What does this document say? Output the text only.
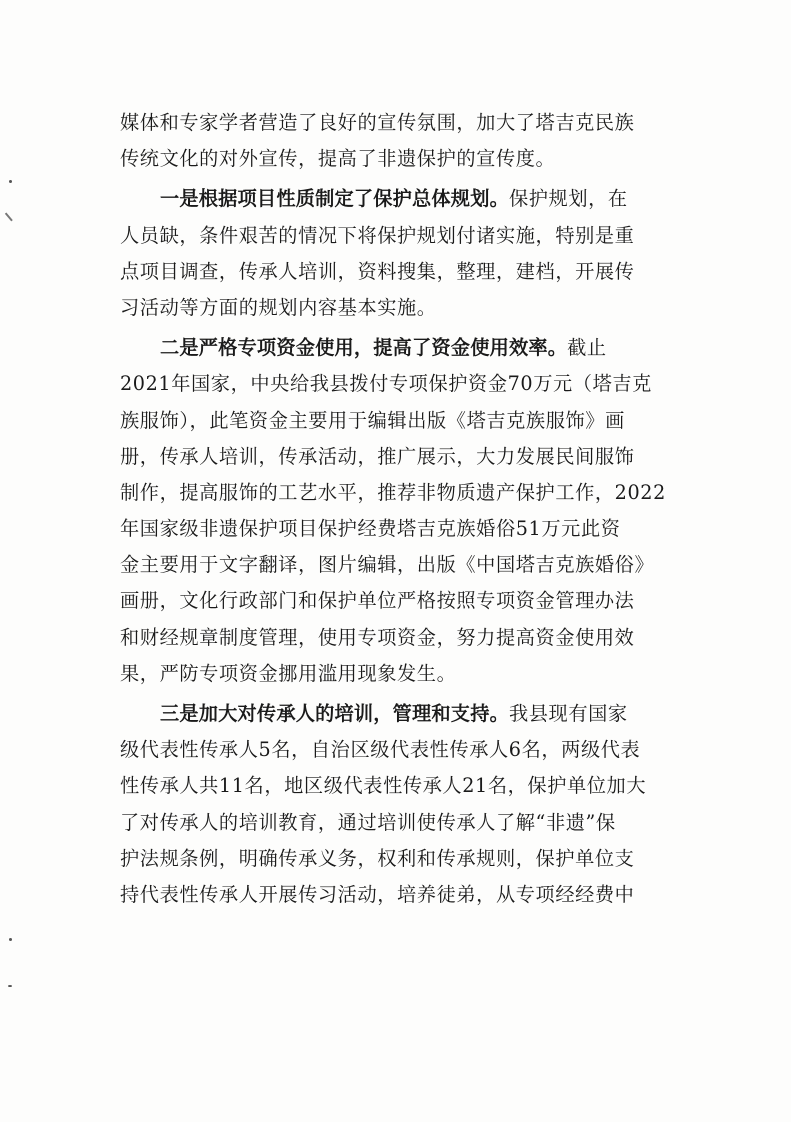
媒体和专家学者营造了良好的宣传氛围，加大了塔吉克民族
传统文化的对外宣传，提高了非遗保护的宣传度。
一是根据项目性质制定了保护总体规划。保护规划，在
人员缺，条件艰苦的情况下将保护规划付诸实施，特别是重
点项目调查，传承人培训，资料搜集，整理，建档，开展传
习活动等方面的规划内容基本实施。
二是严格专项资金使用，提高了资金使用效率。截止
2021年国家，中央给我县拨付专项保护资金70万元（塔吉克
族服饰），此笔资金主要用于编辑出版《塔吉克族服饰》画
册，传承人培训，传承活动，推广展示，大力发展民间服饰
制作，提高服饰的工艺水平，推荐非物质遗产保护工作，2022
年国家级非遗保护项目保护经费塔吉克族婚俗51万元此资
金主要用于文字翻译，图片编辑，出版《中国塔吉克族婚俗》
画册，文化行政部门和保护单位严格按照专项资金管理办法
和财经规章制度管理，使用专项资金，努力提高资金使用效
果，严防专项资金挪用滥用现象发生。
三是加大对传承人的培训，管理和支持。我县现有国家
级代表性传承人5名，自治区级代表性传承人6名，两级代表
性传承人共11名，地区级代表性传承人21名，保护单位加大
了对传承人的培训教育，通过培训使传承人了解“非遗”保
护法规条例，明确传承义务，权利和传承规则，保护单位支
持代表性传承人开展传习活动，培养徒弟，从专项经经费中
